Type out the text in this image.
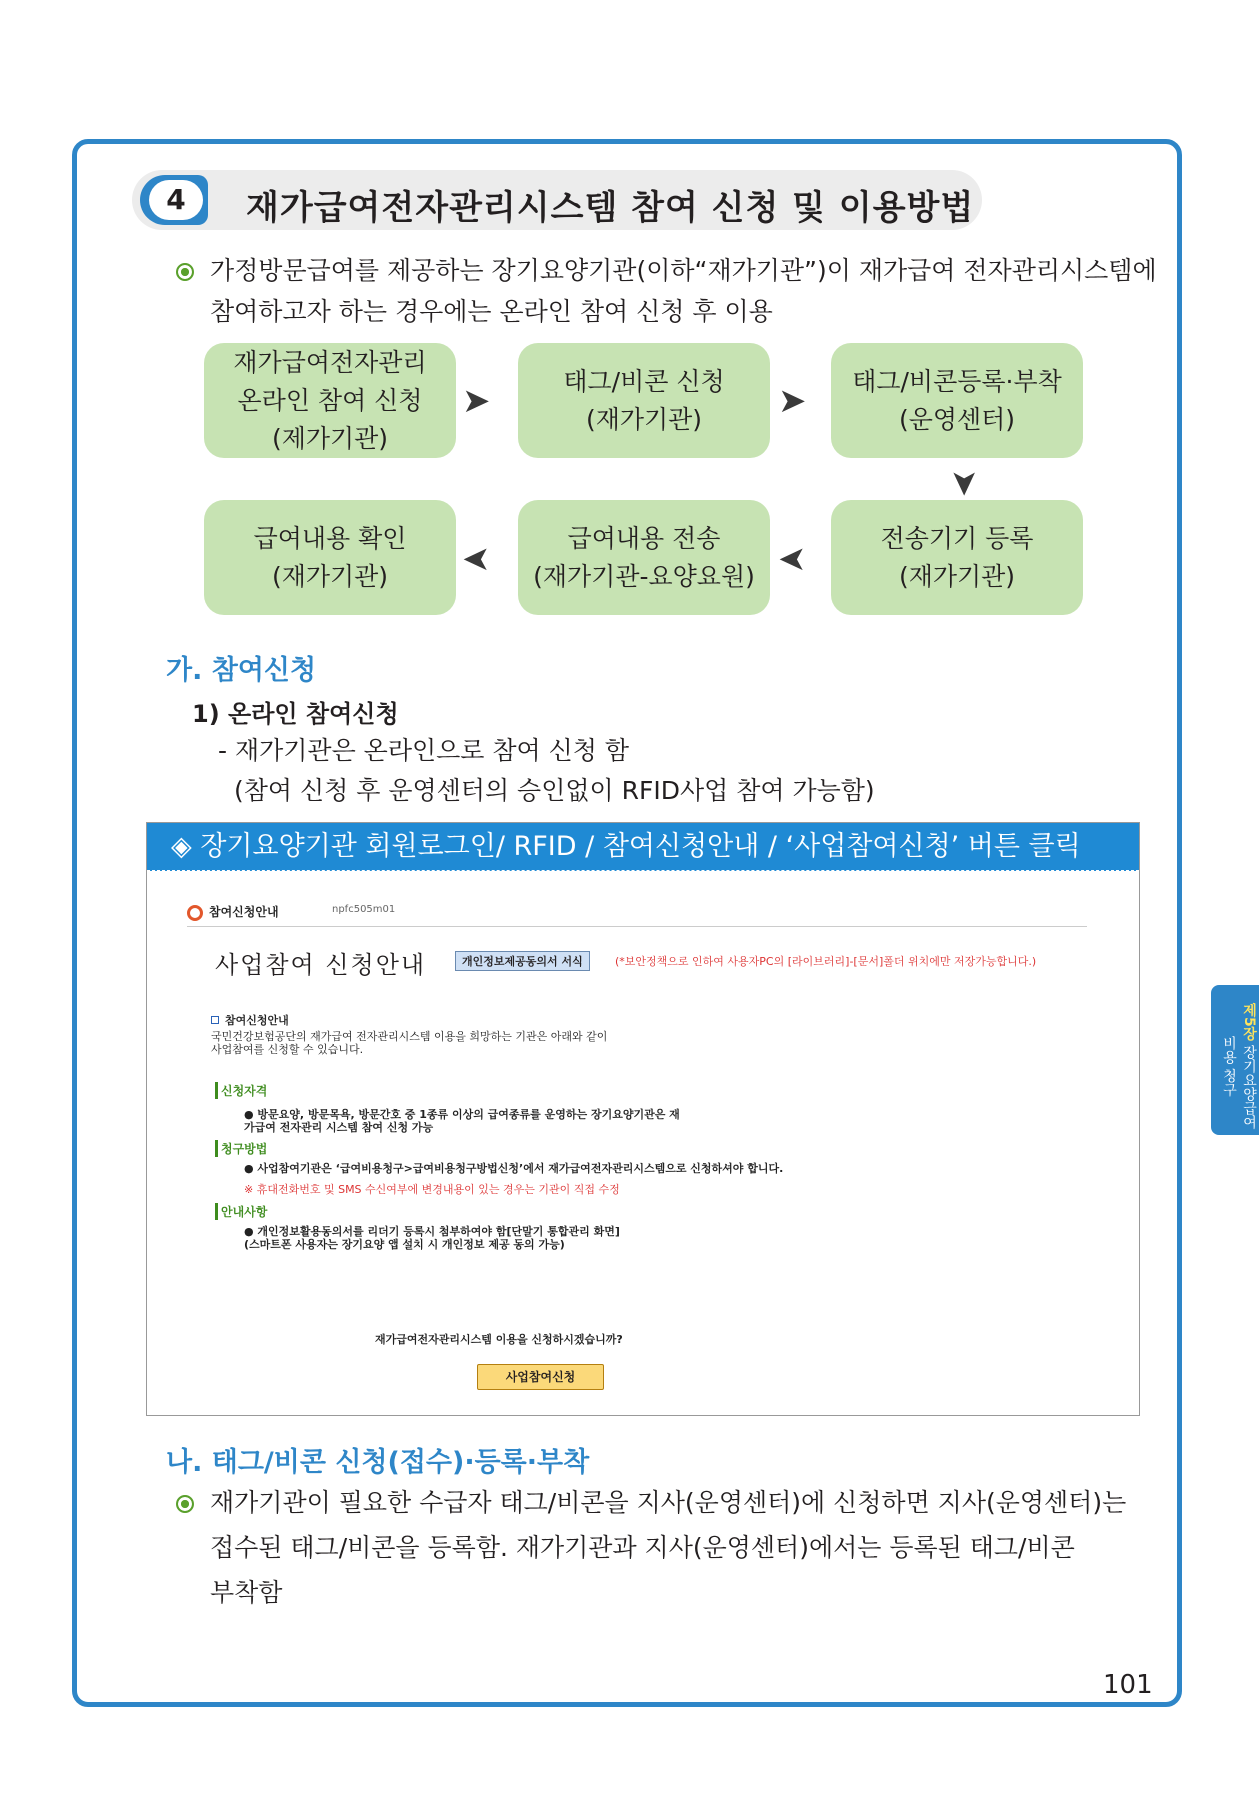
4	재가급여전자관리시스템 참여 신청 및 이용방법
가정방문급여를 제공하는 장기요양기관(이하“재가기관”)이 재가급여 전자관리시스템에
참여하고자 하는 경우에는 온라인 참여 신청 후 이용
재가급여전자관리
온라인 참여 신청
(제가기관)
➤	태그/비콘 신청
(재가기관) ➤ 태그/비콘등록·부착
(운영센터)
➤
급여내용 확인
(재가기관) ➤
급여내용 전송
(재가기관-요양요원) ➤
전송기기 등록
(재가기관)
가. 참여신청
1) 온라인 참여신청
- 재가기관은 온라인으로 참여 신청 함
(참여 신청 후 운영센터의 승인없이 RFID사업 참여 가능함)
◈ 장기요양기관 회원로그인/ RFID / 참여신청안내 / ‘사업참여신청’ 버튼 클릭
참여신청안내	npfc505m01
사업참여 신청안내	개인정보제공동의서 서식	(*보안정책으로 인하여 사용자PC의 [라이브러리]-[문서]폴더 위치에만 저장가능합니다.)
참여신청안내
국민건강보험공단의 재가급여 전자관리시스템 이용을 희망하는 기관은 아래와 같이
사업참여를 신청할 수 있습니다.
신청자격
● 방문요양, 방문목욕, 방문간호 중 1종류 이상의 급여종류를 운영하는 장기요양기관은 재
가급여 전자관리 시스템 참여 신청 가능
청구방법
● 사업참여기관은 ‘급여비용청구>급여비용청구방법신청’에서 재가급여전자관리시스템으로 신청하셔야 합니다.
※ 휴대전화번호 및 SMS 수신여부에 변경내용이 있는 경우는 기관이 직접 수정
안내사항
● 개인정보활용동의서를 리더기 등록시 첨부하여야 함[단말기 통합관리 화면]
(스마트폰 사용자는 장기요양 앱 설치 시 개인정보 제공 동의 가능)
재가급여전자관리시스템 이용을 신청하시겠습니까?
사업참여신청
나. 태그/비콘 신청(접수)·등록·부착
재가기관이 필요한 수급자 태그/비콘을 지사(운영센터)에 신청하면 지사(운영센터)는
접수된 태그/비콘을 등록함. 재가기관과 지사(운영센터)에서는 등록된 태그/비콘
부착함
제5장 장기요양급여비용 청구
101
